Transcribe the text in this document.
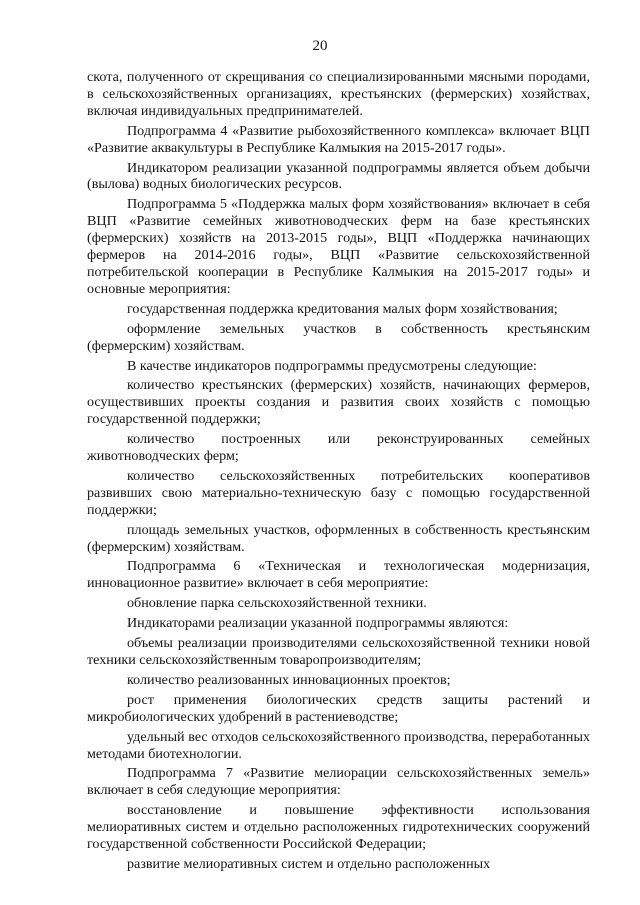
20

скота, полученного от скрещивания со специализированными мясными породами, в сельскохозяйственных организациях, крестьянских (фермерских) хозяйствах, включая индивидуальных предпринимателей.

Подпрограмма 4 «Развитие рыбохозяйственного комплекса» включает ВЦП «Развитие аквакультуры в Республике Калмыкия на 2015-2017 годы».

Индикатором реализации указанной подпрограммы является объем добычи (вылова) водных биологических ресурсов.

Подпрограмма 5 «Поддержка малых форм хозяйствования» включает в себя ВЦП «Развитие семейных животноводческих ферм на базе крестьянских (фермерских) хозяйств на 2013-2015 годы», ВЦП «Поддержка начинающих фермеров на 2014-2016 годы», ВЦП «Развитие сельскохозяйственной потребительской кооперации в Республике Калмыкия на 2015-2017 годы» и основные мероприятия:

государственная поддержка кредитования малых форм хозяйствования;

оформление земельных участков в собственность крестьянским (фермерским) хозяйствам.

В качестве индикаторов подпрограммы предусмотрены следующие:

количество крестьянских (фермерских) хозяйств, начинающих фермеров, осуществивших проекты создания и развития своих хозяйств с помощью государственной поддержки;

количество построенных или реконструированных семейных животноводческих ферм;

количество сельскохозяйственных потребительских кооперативов развивших свою материально-техническую базу с помощью государственной поддержки;

площадь земельных участков, оформленных в собственность крестьянским (фермерским) хозяйствам.

Подпрограмма 6 «Техническая и технологическая модернизация, инновационное развитие» включает в себя мероприятие:

обновление парка сельскохозяйственной техники.

Индикаторами реализации указанной подпрограммы являются:

объемы реализации производителями сельскохозяйственной техники новой техники сельскохозяйственным товаропроизводителям;

количество реализованных инновационных проектов;

рост применения биологических средств защиты растений и микробиологических удобрений в растениеводстве;

удельный вес отходов сельскохозяйственного производства, переработанных методами биотехнологии.

Подпрограмма 7 «Развитие мелиорации сельскохозяйственных земель» включает в себя следующие мероприятия:

восстановление и повышение эффективности использования мелиоративных систем и отдельно расположенных гидротехнических сооружений государственной собственности Российской Федерации;

развитие мелиоративных систем и отдельно расположенных
